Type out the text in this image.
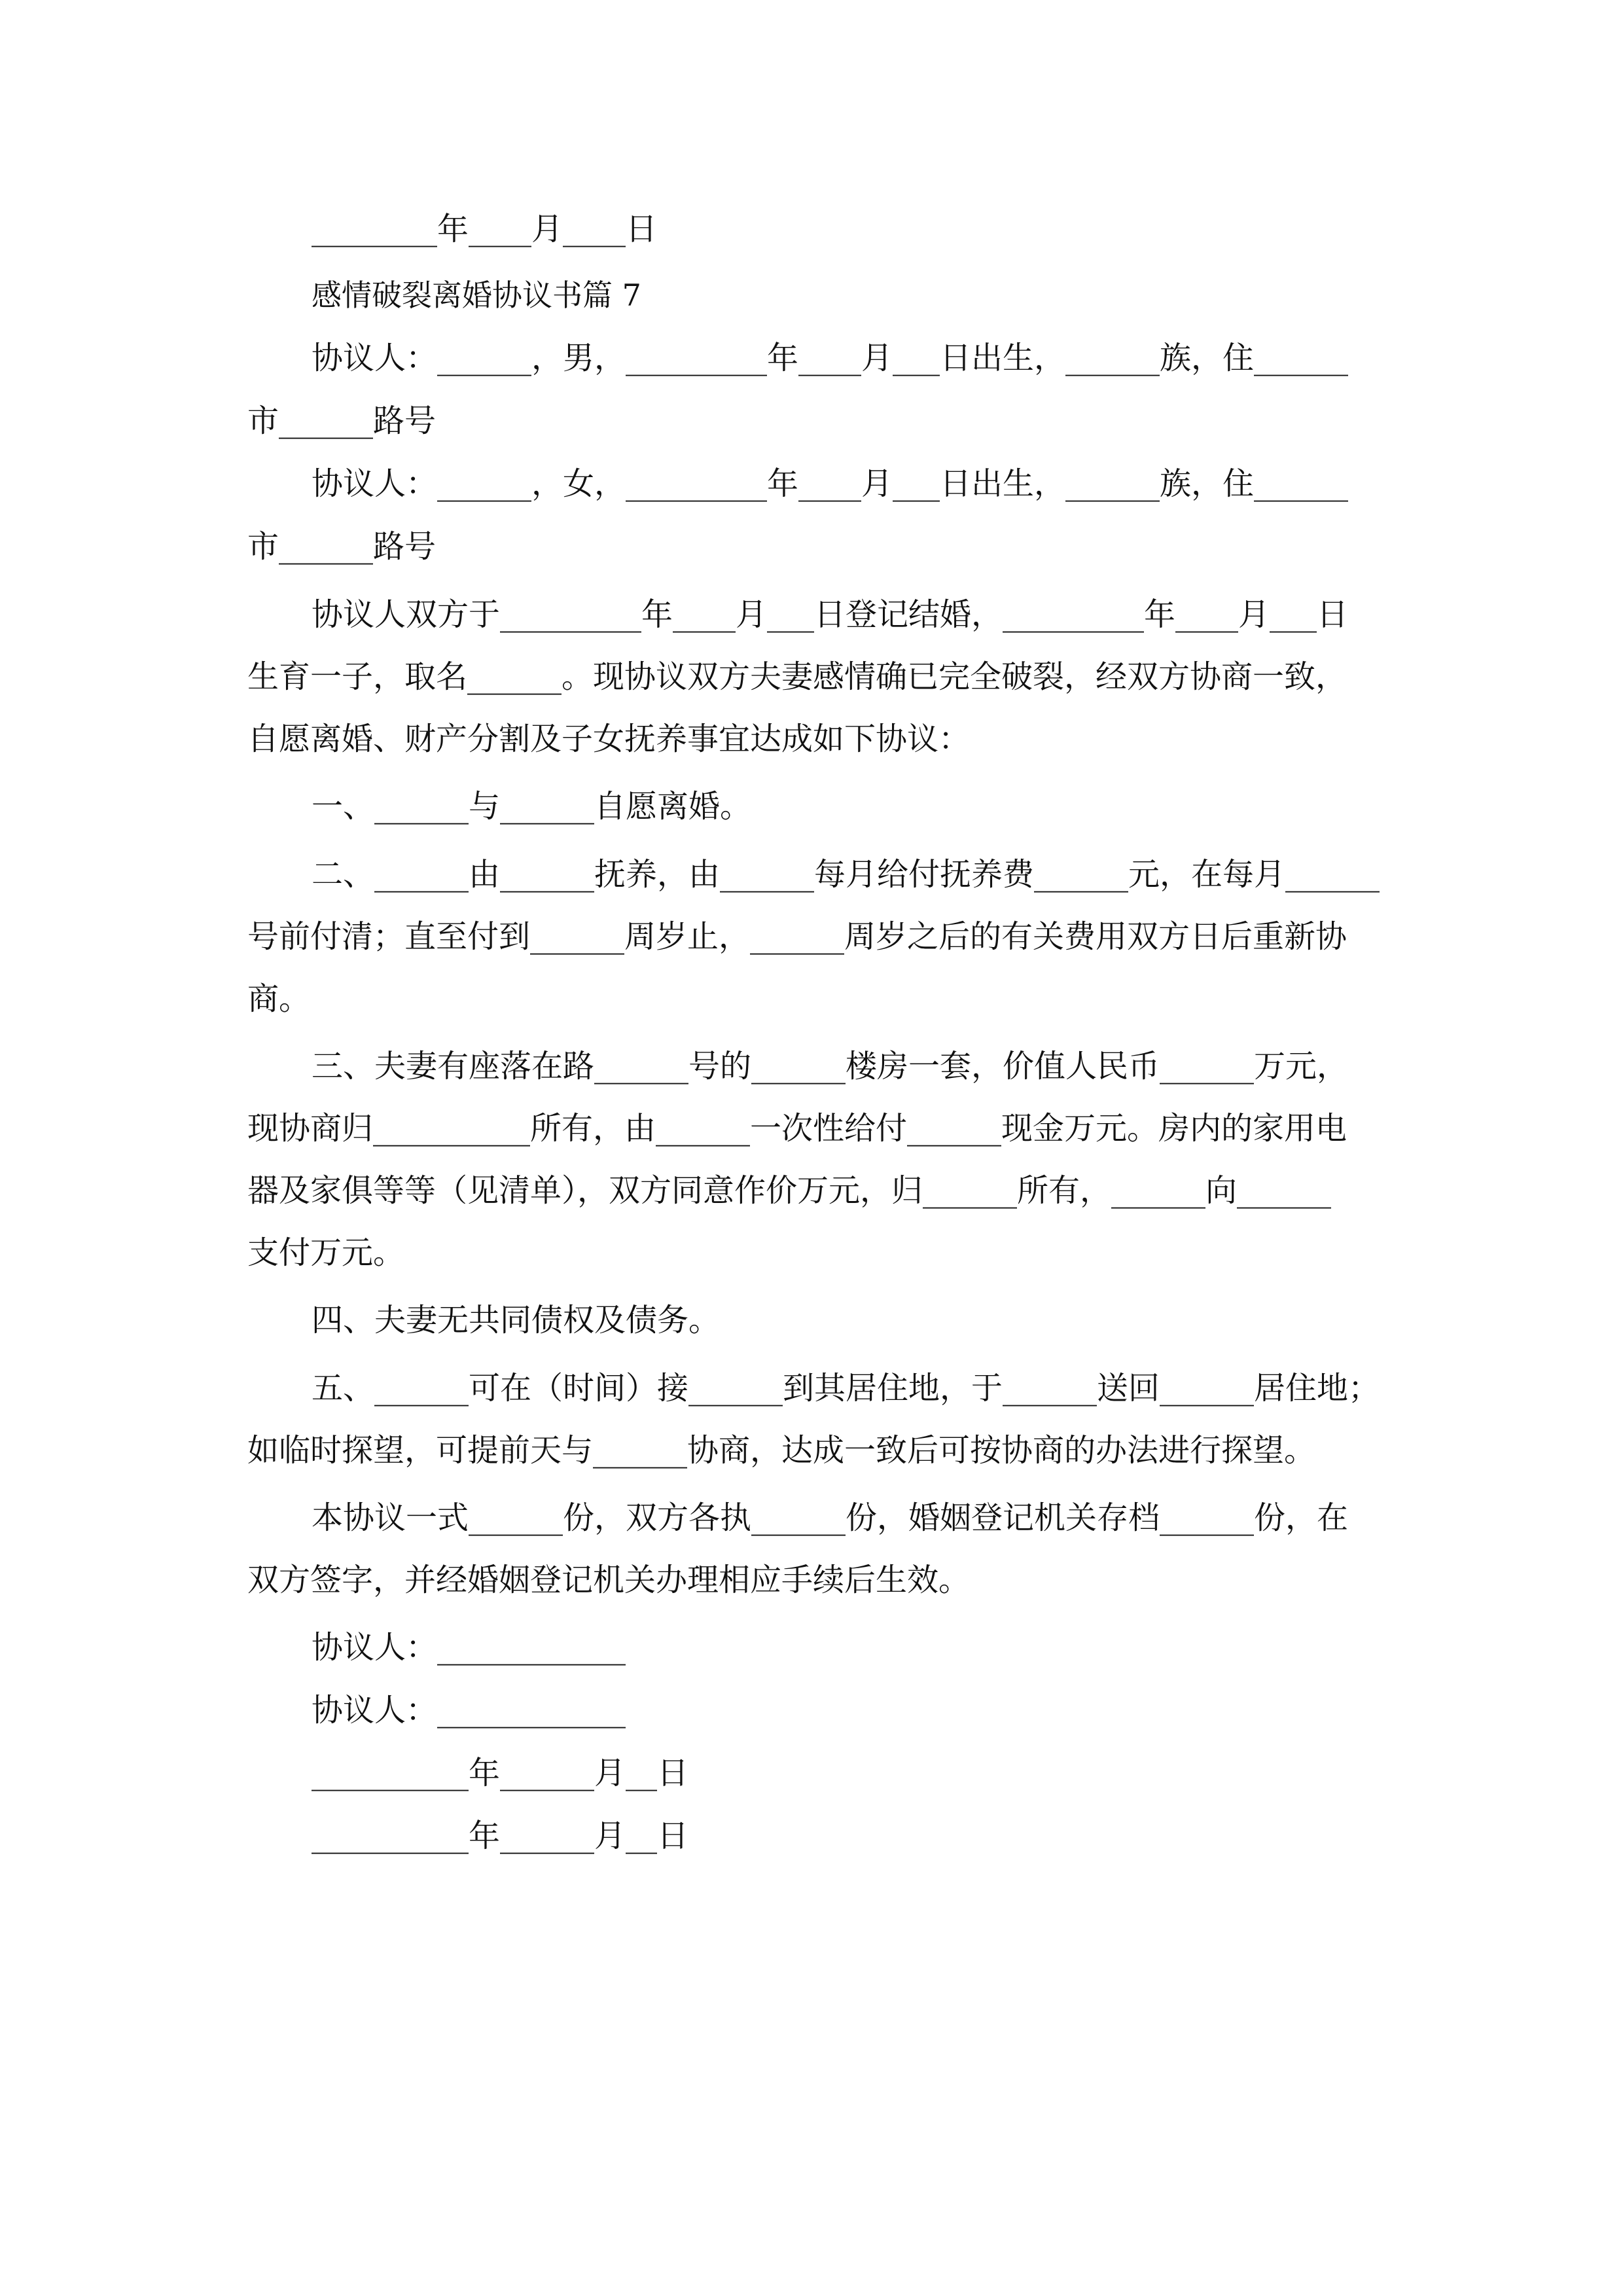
________年____月____日
感情破裂离婚协议书篇 7
协议人：______，男，_________年____月___日出生，______族，住______
市______路号
协议人：______，女，_________年____月___日出生，______族，住______
市______路号
协议人双方于_________年____月___日登记结婚，_________年____月___日
生育一子，取名______。现协议双方夫妻感情确已完全破裂，经双方协商一致，
自愿离婚、财产分割及子女抚养事宜达成如下协议：
一、______与______自愿离婚。
二、______由______抚养，由______每月给付抚养费______元，在每月______
号前付清；直至付到______周岁止，______周岁之后的有关费用双方日后重新协
商。
三、夫妻有座落在路______号的______楼房一套，价值人民币______万元，
现协商归__________所有，由______一次性给付______现金万元。房内的家用电
器及家俱等等（见清单），双方同意作价万元，归______所有，______向______
支付万元。
四、夫妻无共同债权及债务。
五、______可在（时间）接______到其居住地，于______送回______居住地；
如临时探望，可提前天与______协商，达成一致后可按协商的办法进行探望。
本协议一式______份，双方各执______份，婚姻登记机关存档______份，在
双方签字，并经婚姻登记机关办理相应手续后生效。
协议人：____________
协议人：____________
__________年______月__日
__________年______月__日
